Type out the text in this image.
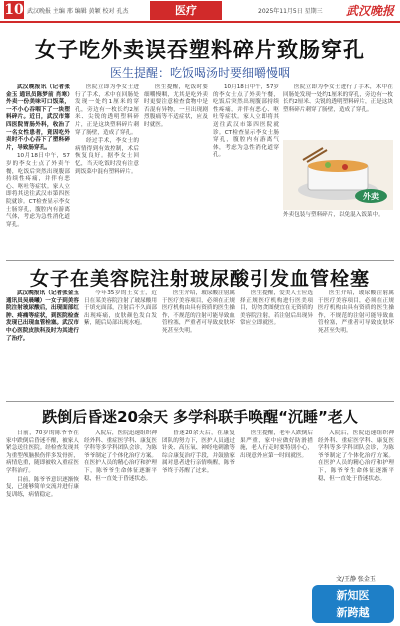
10 武汉晚报 主编 邢 编辑 黄颖 校对 孔杰	医疗	2025年11月5日 星期三 武汉晚报
女子吃外卖误吞塑料碎片致肠穿孔
医生提醒：吃饭喝汤时要细嚼慢咽

武汉晚报讯（记者张金玉 通讯员陈梦前 肖寒）外卖一份美味可口饭菜，一不小心吞咽下了一块塑料碎片。近日，武汉市第四医院胃肠外科，收治了一名女性患者，竟因吃外卖时不小心吞下了塑料碎片，导致肠穿孔。

10月18日中午，57岁的李女士点了外卖午餐，吃饭后突然出现腹部持续性疼痛，并伴有恶心、呕吐等症状。家人立即将其送往武汉市第四医院就诊。CT检查显示李女士肠穿孔，腹腔内有游离气体，考虑为急性消化道穿孔。

医院立即为李女士进行了手术，术中在回肠处发现一处约1厘米的穿孔，旁边有一枚长约2厘米、尖锐的透明塑料碎片，正是这块塑料碎片刺穿了肠壁，造成了穿孔。

经过手术，李女士的病情得到有效控制，术后恢复良好。据李女士回忆，当天吃饭时没有注意到饭菜中混有塑料碎片。

医生提醒，吃饭时要细嚼慢咽，尤其是吃外卖时更要注意检查食物中是否混有异物，一旦出现剧烈腹痛等不适症状，应及时就医。

10月18日中午，57岁的李女士点了外卖午餐，吃饭后突然出现腹部持续性疼痛，并伴有恶心、呕吐等症状。家人立即将其送往武汉市第四医院就诊。CT检查显示李女士肠穿孔，腹腔内有游离气体，考虑为急性消化道穿孔。

医院立即为李女士进行了手术，术中在回肠处发现一处约1厘米的穿孔，旁边有一枚长约2厘米、尖锐的透明塑料碎片，正是这块塑料碎片刺穿了肠壁，造成了穿孔。

外卖
外卖包装与塑料碎片，以免混入饭菜中。
女子在美容院注射玻尿酸引发血管栓塞

武汉晚报讯（记者张金玉 通讯员吴晨曦）一女子到美容院注射玻尿酸后，出现面部红肿、疼痛等症状，到医院检查发现已出现血管栓塞。武汉市中心医院皮肤科及时为其进行了治疗。

今年35岁的王女士，近日在某美容院注射了玻尿酸用于填充面部，注射后不久面部出现疼痛，皮肤颜色发白发紫，随后局部出现水疱。

医生介绍，玻尿酸注射属于医疗美容项目，必须在正规医疗机构由具有资质的医生操作，不规范的注射可能导致血管栓塞，严重者可导致皮肤坏死甚至失明。

医生提醒，爱美人士应选择正规医疗机构进行医美项目，切勿贪图便宜在无资质的美容院注射，若注射后出现异常应立即就医。

医生介绍，玻尿酸注射属于医疗美容项目，必须在正规医疗机构由具有资质的医生操作，不规范的注射可能导致血管栓塞，严重者可导致皮肤坏死甚至失明。

跌倒后昏迷20余天 多学科联手唤醒“沉睡”老人

日前，70岁的陈爷爷在家中跌倒后昏迷不醒，被家人紧急送往医院。经检查发现其为重型颅脑损伤伴多发骨折，病情危重，随即被收入重症医学科治疗。

目前，陈爷爷意识逐渐恢复，已能够简单交流并进行康复训练，病情稳定。

入院后，医院迅速组织神经外科、重症医学科、康复医学科等多学科团队会诊，为陈爷爷制定了个体化治疗方案。在医护人员的精心治疗和护理下，陈爷爷生命体征逐渐平稳，但一直处于昏迷状态。

昏迷20余天后，在康复团队的努力下，医护人员通过针灸、高压氧、神经电刺激等综合康复治疗手段，并鼓励家属对患者进行亲情唤醒，陈爷爷终于苏醒了过来。

医生提醒，老年人跌倒后果严重，家中应做好防滑措施，老人行走时要特别小心，出现意外应第一时间就医。

入院后，医院迅速组织神经外科、重症医学科、康复医学科等多学科团队会诊，为陈爷爷制定了个体化治疗方案。在医护人员的精心治疗和护理下，陈爷爷生命体征逐渐平稳，但一直处于昏迷状态。

文/王静 张金玉
新知医
新跨越
